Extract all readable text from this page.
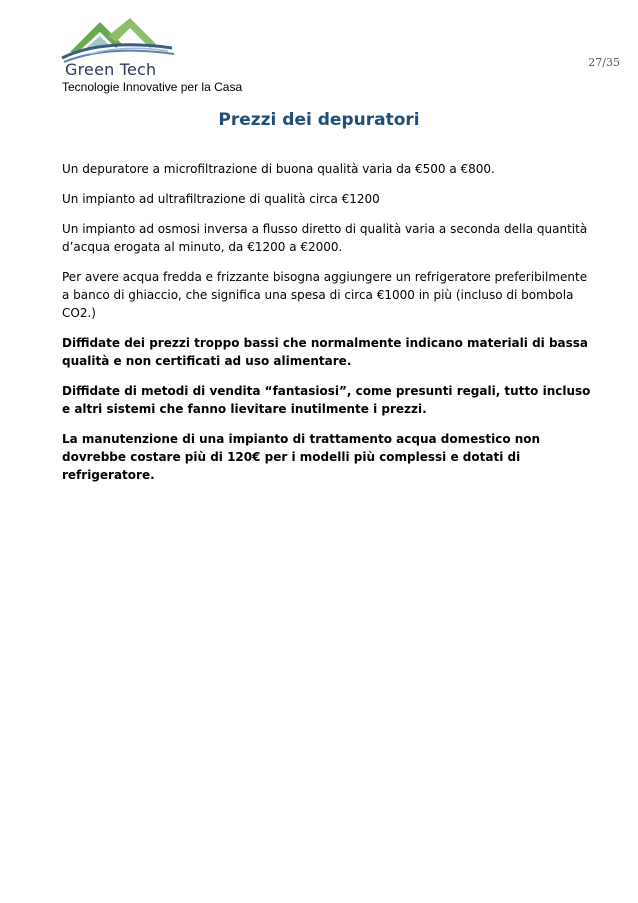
Green Tech
Tecnologie Innovative per la Casa
27/35
Prezzi dei depuratori

Un depuratore a microfiltrazione di buona qualità varia da €500 a €800.

Un impianto ad ultrafiltrazione di qualità circa €1200

Un impianto ad osmosi inversa a flusso diretto di qualità varia a seconda della quantità d’acqua erogata al minuto, da €1200 a €2000.

Per avere acqua fredda e frizzante bisogna aggiungere un refrigeratore preferibilmente a banco di ghiaccio, che significa una spesa di circa €1000 in più (incluso di bombola CO2.)

Diffidate dei prezzi troppo bassi che normalmente indicano materiali di bassa qualità e non certificati ad uso alimentare.

Diffidate di metodi di vendita “fantasiosi”, come presunti regali, tutto incluso e altri sistemi che fanno lievitare inutilmente i prezzi.

La manutenzione di una impianto di trattamento acqua domestico non dovrebbe costare più di 120€ per i modelli più complessi e dotati di refrigeratore.
